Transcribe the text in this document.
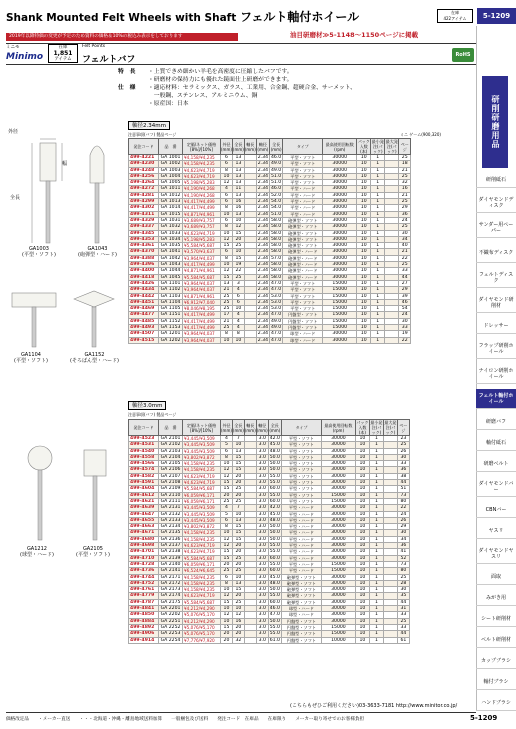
Shank Mounted Felt Wheels with Shaft フェルト軸付ホイール	在庫
422アイテム	5-1209
油目研磨材≫5-1148～1150ページに掲載
2019年以降特価の変更が予定のため資料の価格＆10%の税込み表示をしております
ミニモ
Minimo
在庫
1,851
アイテム
Felt Points
フェルトバフ	RoHS
特　長 ・上質できめ細かい羊毛を高密度に圧縮したバフです。
・研磨材の保持力にも優れた鏡面仕上研磨ができます。
仕　様 ・適応材料：セラミックス、ガラス、工業用、合金鋼、超硬合金、サーメット、
　一般鋼、ステンレス、アルミニウム、銅
・原産国：日本
軸径2.34mm
注意事項(バフ) 製品ページ	ミニ ゲーム(900,320)
発注コード	品　番	定価/ネット価格 [8%]/[10%]	外径(mm)	全長(mm)	軸長(mm)	軸径(mm)	全長(mm)	タイプ	最高使用回転数(rpm)	パック入数(本)	最小発注(パック)	最大発注(パック)	ページ
499-4221	GA 1001	¥4,158/¥4,235	6	13		2.34	46.0	平型・ソフト	30000	10	1		25
499-4230	GA 1002	¥4,158/¥4,235	6	13		2.34	49.0	平型・ソフト	30000	10	1		18
499-4248	GA 1003	¥4,623/¥4,719	8	13		2.34	49.0	平型・ソフト	30000	10	1		21
499-4256	GA 1004	¥4,623/¥4,719	10	13		2.34	51.0	平型・ソフト	30000	10	1		25
499-4264	GA 1005	¥5,198/¥5,283	12	13		2.34	51.0	平型・ソフト	30000	10	1		32
499-4272	GA 1011	¥4,190/¥4,268	4	11		2.34	46.0	平型・ハード	30000	10	1		16
499-4281	GA 1012	¥4,190/¥4,268	6	13		2.34	52.0	平型・ハード	30000	10	1		21
499-4299	GA 1013	¥4,417/¥4,499	6	16		2.34	54.0	平型・ハード	30000	10	1		25
499-4302	GA 1014	¥4,417/¥4,499	8	16		2.34	54.0	平型・ハード	30000	10	1		29
499-4311	GA 1015	¥4,871/¥4,961	10	13		2.34	51.0	平型・ハード	30000	10	1		36
499-4329	GA 1031	¥3,689/¥3,757	6	10		2.34	58.0	砲弾型・ソフト	30000	10	1		24
499-4337	GA 1032	¥3,689/¥3,757	8	12		2.34	58.0	砲弾型・ソフト	30000	10	1		25
499-4345	GA 1033	¥4,623/¥4,719	10	15		2.34	58.0	砲弾型・ソフト	30000	10	1		30
499-4353	GA 1034	¥5,198/¥5,283	12	20		2.34	58.0	砲弾型・ソフト	30000	10	1		34
499-4361	GA 1035	¥5,584/¥5,687	15	25		2.34	58.0	砲弾型・ソフト	30000	10	1		40
499-4370	GA 1041	¥3,570/¥3,637	6	10		2.34	58.0	砲弾型・ハード	30000	10	1		21
499-4388	GA 1042	¥3,964/¥4,037	8	15		2.34	57.0	砲弾型・ハード	30000	10	1		22
499-4396	GA 1043	¥4,417/¥4,499	10	19		2.34	58.0	砲弾型・ハード	30000	10	1		25
499-4400	GA 1044	¥4,871/¥4,961	12	22		2.34	58.0	砲弾型・ハード	30000	10	1		33
499-4418	GA 1045	¥5,584/¥5,687	15	25		2.34	58.0	砲弾型・ハード	30000	10	1		44
499-4426	GA 1101	¥3,964/¥4,037	13	3		2.34	47.0	平型・ソフト	15000	10	1		27
499-4434	GA 1102	¥3,964/¥4,037	21	4		2.34	47.0	平型・ソフト	15000	10	1		29
499-4442	GA 1103	¥4,871/¥4,961	25	6		2.34	53.0	平型・ソフト	15000	10	1		39
499-4451	GA 1104	¥6,912/¥7,040	25	6		2.34	53.0	平型・ソフト	15000	10	1		46
499-4469	GA 1105	¥8,046/¥8,195	25	10		2.34	53.0	平型・ソフト	15000	10	1		54
499-4477	GA 1151	¥4,417/¥4,499	17	4		2.34	47.0	円盤型・ソフト	15000	10	1		24
499-4485	GA 1152	¥4,417/¥4,499	21	4		2.34	49.0	円盤型・ソフト	15000	10	1		30
499-4493	GA 1153	¥4,417/¥4,499	25	4		2.34	49.0	円盤型・ソフト	15000	10	1		33
499-4507	GA 1201	¥3,964/¥4,037	8	8		2.34	47.0	球型・ハード	30000	10	1		19
499-4515	GA 1202	¥3,964/¥4,037	10	10		2.34	47.0	球型・ハード	30000	10	1		22
軸径3.0mm
注意事項(バフ) 製品ページ
発注コード	品　番	定価/ネット価格 [8%]/[10%]	外径(mm)	全長(mm)	軸長(mm)	軸径(mm)	全長(mm)	タイプ	最高使用回転数(rpm)	パック入数(本)	最小発注(パック)	最大発注(パック)	ページ
499-4523	GA 2101	¥3,445/¥3,509	4	7		3.0	42.0	平型・ソフト	30000	10	1		23
499-4531	GA 2102	¥3,445/¥3,509	5	10		3.0	45.0	平型・ソフト	30000	10	1		25
499-4540	GA 2103	¥3,445/¥3,509	6	13		3.0	48.0	平型・ソフト	30000	10	1		26
499-4558	GA 2104	¥3,802/¥3,872	8	15		3.0	50.0	平型・ソフト	30000	10	1		30
499-4566	GA 2105	¥4,158/¥4,235	10	15		3.0	50.0	平型・ソフト	30000	10	1		33
499-4574	GA 2106	¥4,158/¥4,235	12	15		3.0	50.0	平型・ソフト	30000	10	1		36
499-4582	GA 2107	¥4,623/¥4,719	12	20		3.0	55.0	平型・ソフト	30000	10	1		38
499-4591	GA 2108	¥4,623/¥4,719	15	20		3.0	55.0	平型・ソフト	30000	10	1		44
499-4604	GA 2109	¥5,584/¥5,687	15	25		3.0	60.0	平型・ソフト	30000	10	1		51
499-4612	GA 2110	¥6,059/¥6,171	20	20		3.0	55.0	平型・ソフト	15000	10	1		73
499-4621	GA 2111	¥6,059/¥6,171	25	25		3.0	60.0	平型・ソフト	15000	10	1		80
499-4639	GA 2131	¥3,445/¥3,509	4	7		3.0	42.0	平型・ハード	30000	10	1		22
499-4647	GA 2132	¥3,445/¥3,509	5	10		3.0	45.0	平型・ハード	30000	10	1		24
499-4655	GA 2133	¥3,445/¥3,509	6	13		3.0	48.0	平型・ハード	30000	10	1		26
499-4663	GA 2134	¥3,802/¥3,872	8	15		3.0	50.0	平型・ハード	30000	10	1		29
499-4671	GA 2135	¥4,158/¥4,235	10	15		3.0	50.0	平型・ハード	30000	10	1		30
499-4680	GA 2136	¥4,158/¥4,235	12	15		3.0	50.0	平型・ハード	30000	10	1		34
499-4698	GA 2137	¥4,623/¥4,719	12	20		3.0	55.0	平型・ハード	30000	10	1		36
499-4701	GA 2138	¥4,623/¥4,719	15	20		3.0	55.0	平型・ハード	30000	10	1		41
499-4710	GA 2139	¥5,584/¥5,687	15	25		3.0	60.0	平型・ハード	30000	10	1		52
499-4728	GA 2140	¥6,059/¥6,171	20	20		3.0	55.0	平型・ハード	15000	10	1		73
499-4736	GA 2141	¥6,524/¥6,645	25	25		3.0	60.0	平型・ハード	15000	10	1		80
499-4744	GA 2171	¥4,158/¥4,235	6	10		3.0	45.0	砲弾型・ソフト	30000	10	1		25
499-4752	GA 2172	¥4,158/¥4,235	8	13		3.0	48.0	砲弾型・ソフト	30000	10	1		28
499-4761	GA 2173	¥4,158/¥4,235	10	15		3.0	50.0	砲弾型・ソフト	30000	10	1		30
499-4779	GA 2174	¥4,623/¥4,719	12	20		3.0	55.0	砲弾型・ソフト	30000	10	1		35
499-4787	GA 2175	¥5,584/¥5,687	15	25		3.0	60.0	砲弾型・ソフト	30000	10	1		44
499-4841	GA 2201	¥4,212/¥4,290	10	10		3.0	46.0	球型・ハード	30000	10	1		31
499-4850	GA 2202	¥5,076/¥5,170	12	12		3.0	47.0	球型・ハード	30000	10	1		33
499-4884	GA 2251	¥4,212/¥4,290	10	16		3.0	50.0	円盤型・ソフト	30000	10	1		25
499-4892	GA 2252	¥5,076/¥5,170	15	20		3.0	55.0	円盤型・ソフト	15000	10	1		33
499-4906	GA 2253	¥5,076/¥5,170	20	20		3.0	55.0	円盤型・ソフト	15000	10	1		44
499-4914	GA 2254	¥7,776/¥7,920	20	32		3.0	61.0	円盤型・ソフト	10000	10	1		61
外径
幅
全長
GA1003
(平型・ソフト)
GA1043
(砲弾型・ハード)
GA1104
(平型・ソフト)
GA1152
(そろばん型・ハード)
GA1212
(球型・ハード)
GA2105
(平型・ソフト)
研削研磨用品
研削砥石
ダイヤモンドディスク
サンダー用ペーパー
不織布ディスク
フェルトディスク
ダイヤモンド研削材
ドレッサー
フラップ研削ホイール
ナイロン研削ホイール
フェルト軸付ホイール
研磨バフ
軸付砥石
研磨ベルト
ダイヤモンドバー
CBNバー
ヤスリ
ダイヤモンドヤスリ
面取
みがき用
シート研削材
ベルト研削材
カップブラシ
軸付ブラシ
ハンドブラシ
(こちらもぜひご利用ください)03-3633-7181 http://www.minitor.co.jp/
価格改定品　　・メーカー直送　　・・・北海道・沖縄・離島地域送料加算　　一般梱包及び送料　　発注コード　在庫品　　在庫限り　　メーカー取り寄せでのお客様負担	5-1209
